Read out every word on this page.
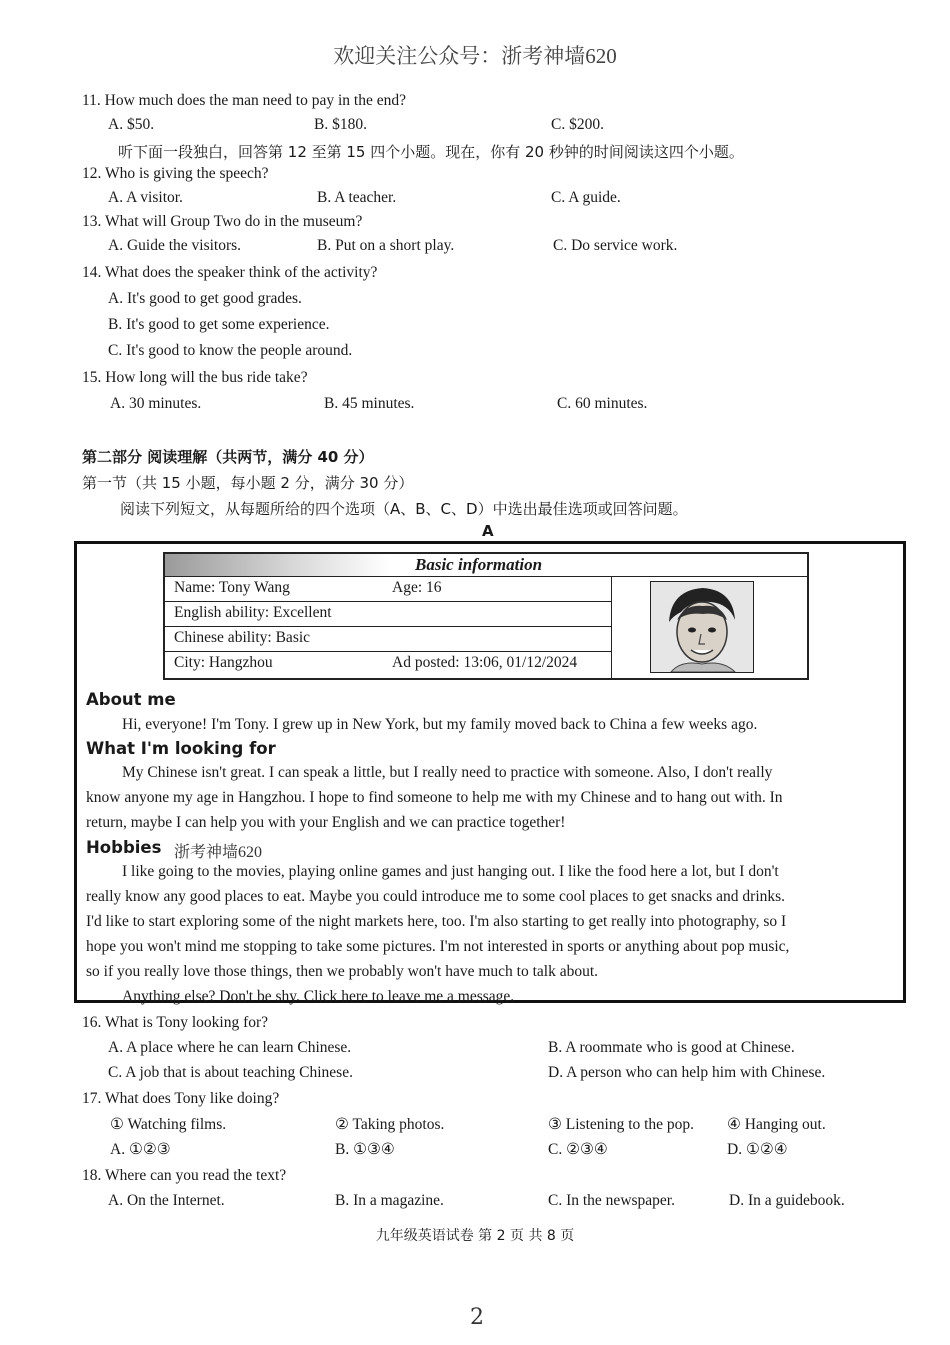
欢迎关注公众号：浙考神墙620
11. How much does the man need to pay in the end?
A. $50.	B. $180.	C. $200.
听下面一段独白，回答第 12 至第 15 四个小题。现在，你有 20 秒钟的时间阅读这四个小题。
12. Who is giving the speech?
A. A visitor.	B. A teacher.	C. A guide.
13. What will Group Two do in the museum?
A. Guide the visitors.	B. Put on a short play.	C. Do service work.
14. What does the speaker think of the activity?
A. It's good to get good grades.
B. It's good to get some experience.
C. It's good to know the people around.
15. How long will the bus ride take?
A. 30 minutes.	B. 45 minutes.	C. 60 minutes.
第二部分 阅读理解（共两节，满分 40 分）
第一节（共 15 小题，每小题 2 分，满分 30 分）
阅读下列短文，从每题所给的四个选项（A、B、C、D）中选出最佳选项或回答问题。
A
Basic information
Name: Tony Wang	Age: 16
English ability: Excellent
Chinese ability: Basic
City: Hangzhou	Ad posted: 13:06, 01/12/2024
About me
Hi, everyone! I'm Tony. I grew up in New York, but my family moved back to China a few weeks ago.
What I'm looking for
My Chinese isn't great. I can speak a little, but I really need to practice with someone. Also, I don't really
know anyone my age in Hangzhou. I hope to find someone to help me with my Chinese and to hang out with. In
return, maybe I can help you with your English and we can practice together!
Hobbies 浙考神墙620
I like going to the movies, playing online games and just hanging out. I like the food here a lot, but I don't
really know any good places to eat. Maybe you could introduce me to some cool places to get snacks and drinks.
I'd like to start exploring some of the night markets here, too. I'm also starting to get really into photography, so I
hope you won't mind me stopping to take some pictures. I'm not interested in sports or anything about pop music,
so if you really love those things, then we probably won't have much to talk about.
Anything else? Don't be shy. Click here to leave me a message.
16. What is Tony looking for?
A. A place where he can learn Chinese.	B. A roommate who is good at Chinese.
C. A job that is about teaching Chinese.	D. A person who can help him with Chinese.
17. What does Tony like doing?
① Watching films.	② Taking photos.	③ Listening to the pop. ④ Hanging out.
A. ①②③	B. ①③④	C. ②③④	D. ①②④
18. Where can you read the text?
A. On the Internet.	B. In a magazine.	C. In the newspaper.	D. In a guidebook.
九年级英语试卷 第 2 页 共 8 页
2
